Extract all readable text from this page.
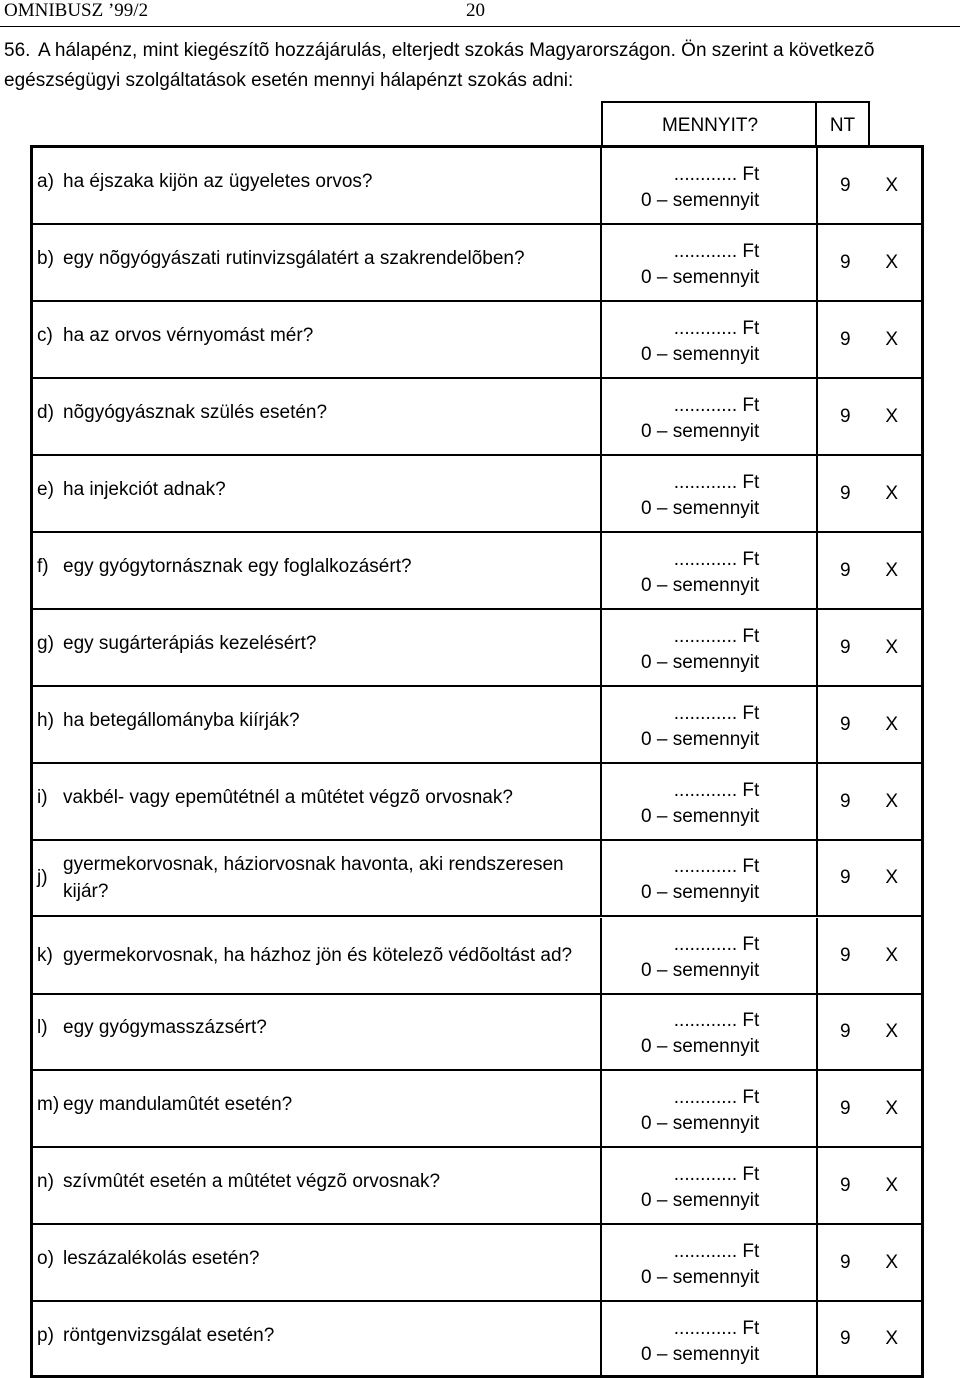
OMNIBUSZ ’99/2	20
56. A hálapénz, mint kiegészítõ hozzájárulás, elterjedt szokás Magyarországon. Ön szerint a következõ egészségügyi szolgáltatások esetén mennyi hálapénzt szokás adni:
MENNYIT?	NT
a) ha éjszaka kijön az ügyeletes orvos?	............ Ft
0 – semennyit
9 X
b) egy nõgyógyászati rutinvizsgálatért a szakrendelõben?	............ Ft
0 – semennyit
9 X
c) ha az orvos vérnyomást mér?	............ Ft
0 – semennyit
9 X
d) nõgyógyásznak szülés esetén?	............ Ft
0 – semennyit
9 X
e) ha injekciót adnak?	............ Ft
0 – semennyit
9 X
f) egy gyógytornásznak egy foglalkozásért?	............ Ft
0 – semennyit
9 X
g) egy sugárterápiás kezelésért?	............ Ft
0 – semennyit
9 X
h) ha betegállományba kiírják?	............ Ft
0 – semennyit
9 X
i) vakbél- vagy epemûtétnél a mûtétet végzõ orvosnak?	............ Ft
0 – semennyit
9 X
j)
gyermekorvosnak, háziorvosnak havonta, aki rendszeresen kijár?
............ Ft
0 – semennyit
9 X
k) gyermekorvosnak, ha házhoz jön és kötelezõ védõoltást ad?
............ Ft
0 – semennyit
9 X
l) egy gyógymasszázsért?	............ Ft
0 – semennyit
9 X
m) egy mandulamûtét esetén?	............ Ft
0 – semennyit
9 X
n) szívmûtét esetén a mûtétet végzõ orvosnak?	............ Ft
0 – semennyit
9 X
o) leszázalékolás esetén?	............ Ft
0 – semennyit
9 X
p) röntgenvizsgálat esetén?	............ Ft
0 – semennyit
9 X
